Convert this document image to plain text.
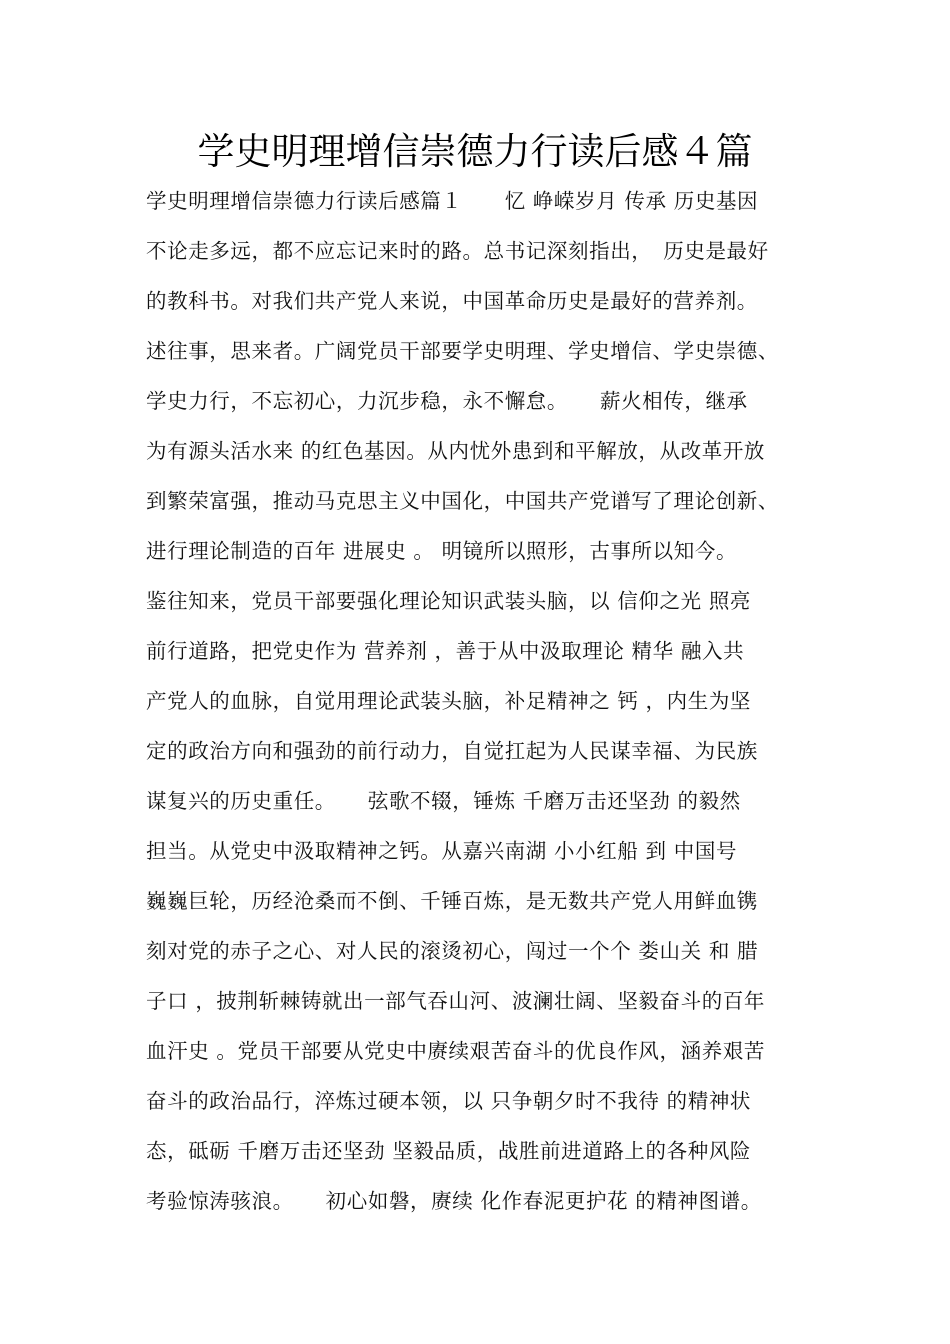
学史明理增信崇德力行读后感４篇
学史明理增信崇德力行读后感篇１　　忆 峥嵘岁月 传承 历史基因
不论走多远，都不应忘记来时的路。总书记深刻指出，　历史是最好
的教科书。对我们共产党人来说，中国革命历史是最好的营养剂。
述往事，思来者。广阔党员干部要学史明理、学史增信、学史崇德、
学史力行，不忘初心，力沉步稳，永不懈怠。　　薪火相传，继承
为有源头活水来 的红色基因。从内忧外患到和平解放，从改革开放
到繁荣富强，推动马克思主义中国化，中国共产党谱写了理论创新、
进行理论制造的百年 进展史 。 明镜所以照形，古事所以知今。
鉴往知来，党员干部要强化理论知识武装头脑，以 信仰之光 照亮
前行道路，把党史作为 营养剂 ，善于从中汲取理论 精华 融入共
产党人的血脉，自觉用理论武装头脑，补足精神之 钙 ，内生为坚
定的政治方向和强劲的前行动力，自觉扛起为人民谋幸福、为民族
谋复兴的历史重任。　　弦歌不辍，锤炼 千磨万击还坚劲 的毅然
担当。从党史中汲取精神之钙。从嘉兴南湖 小小红船 到 中国号
巍巍巨轮，历经沧桑而不倒、千锤百炼，是无数共产党人用鲜血镌
刻对党的赤子之心、对人民的滚烫初心，闯过一个个 娄山关 和 腊
子口 ，披荆斩棘铸就出一部气吞山河、波澜壮阔、坚毅奋斗的百年
血汗史 。党员干部要从党史中赓续艰苦奋斗的优良作风，涵养艰苦
奋斗的政治品行，淬炼过硬本领，以 只争朝夕时不我待 的精神状
态，砥砺 千磨万击还坚劲 坚毅品质，战胜前进道路上的各种风险
考验惊涛骇浪。　　初心如磐，赓续 化作春泥更护花 的精神图谱。
